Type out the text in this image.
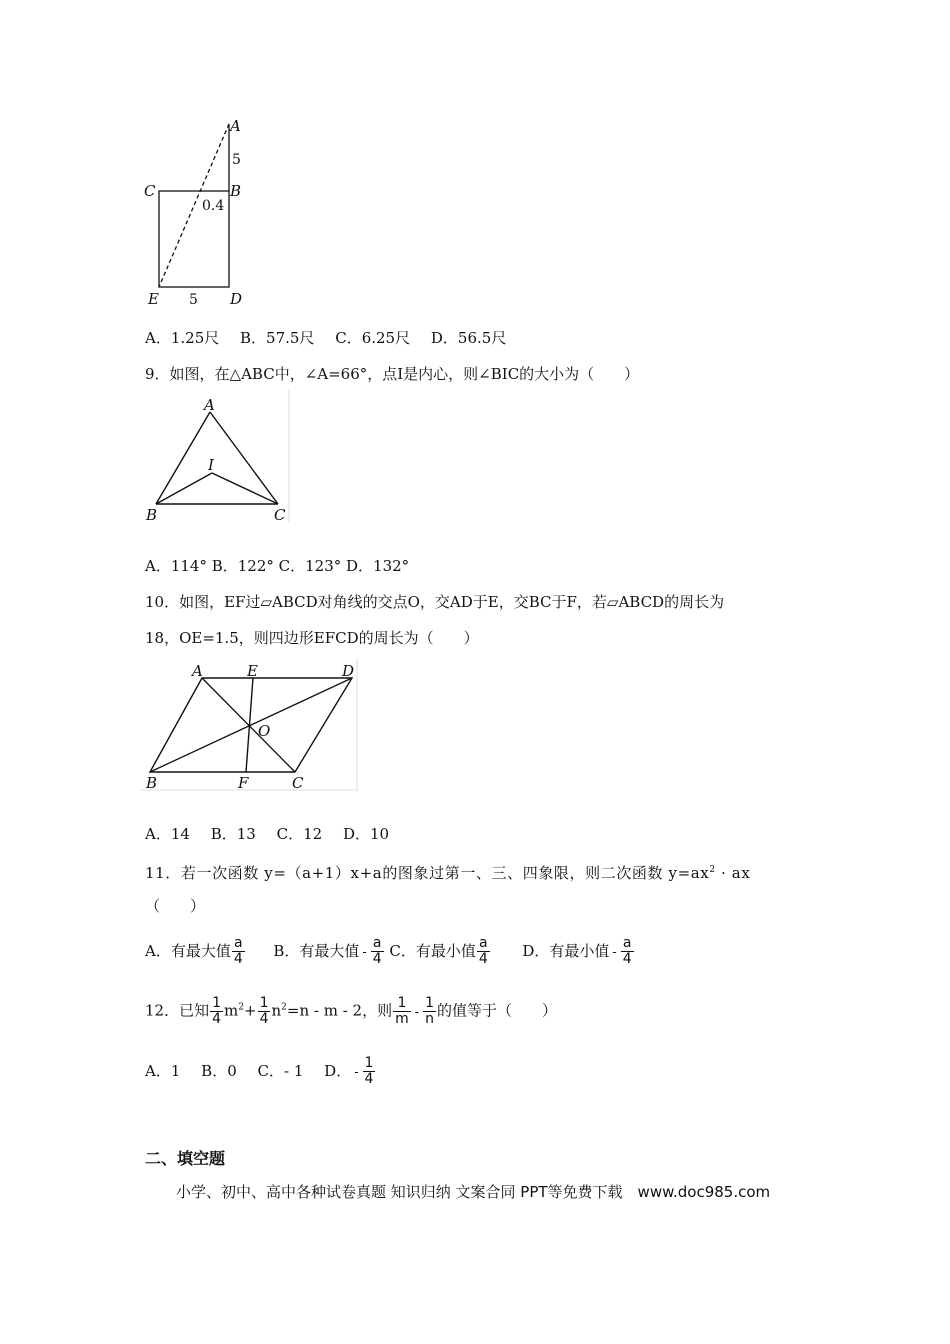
A
C	B
E	D
5
0.4
5
A．1.25尺 B．57.5尺 C．6.25尺 D．56.5尺
9．如图，在△ABC中，∠A=66°，点I是内心，则∠BIC的大小为（　　）
A
I
B	C
A．114° B．122° C．123° D．132°
10．如图，EF过▱ABCD对角线的交点O，交AD于E，交BC于F，若▱ABCD的周长为
18，OE=1.5，则四边形EFCD的周长为（　　）
A	E	D
O
B	F	C
A．14 B．13 C．12 D．10
11．若一次函数 y=（a+1）x+a的图象过第一、三、四象限，则二次函数 $y=ax^2$ · ax
（　　）
A．有最大值 $\frac{a}{4}$ B．有最大值 - $\frac{a}{4}$ C．有最小值 $\frac{a}{4}$ D．有最小值 - $\frac{a}{4}$
12．已知 $\frac{1}{4} m^2+ \frac{1}{4} n^2=n - m - 2$，则 $\frac{1}{m} - \frac{1}{n}$ 的值等于（　　）
A．1 B．0 C．- 1 D． - $\frac{1}{4}$
二、填空题
小学、初中、高中各种试卷真题 知识归纳 文案合同 PPT等免费下载　www.doc985.com
